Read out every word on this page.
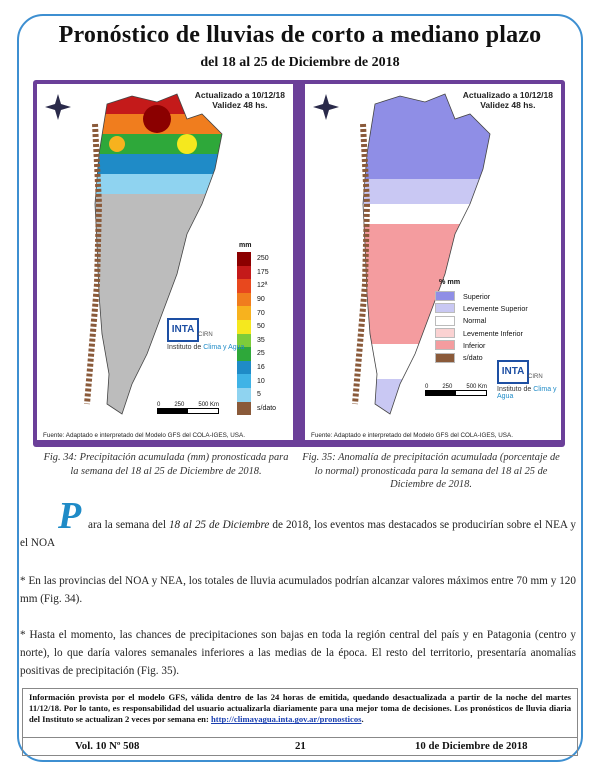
Pronóstico de lluvias de corto a mediano plazo
del 18 al 25 de Diciembre de 2018
Actualizado a 10/12/18
Validez 48 hs.
mm
250
175
12ª
90
70
50
35
25
16
10
5
s/dato
INTA CIRN
Instituto de Clima y Agua
0 250 500 Km
Fuente: Adaptado e interpretado del Modelo GFS del COLA-IGES, USA.
Actualizado a 10/12/18
Validez 48 hs.
% mm
Superior
Levemente Superior
Normal
Levemente Inferior
Inferior
s/dato
INTA CIRN
Instituto de Clima y Agua
0 250 500 Km
Fuente: Adaptado e interpretado del Modelo GFS del COLA-IGES, USA.
Fig. 34: Precipitación acumulada (mm) pronosticada para la semana del 18 al 25 de Diciembre de 2018.
Fig. 35: Anomalía de precipitación acumulada (porcentaje de lo normal) pronosticada para la semana del 18 al 25 de Diciembre de 2018.
P ara la semana del 18 al 25 de Diciembre de 2018, los eventos mas destacados se producirían sobre el NEA y el NOA
* En las provincias del NOA y NEA, los totales de lluvia acumulados podrían alcanzar valores máximos entre 70 mm y 120 mm (Fig. 34).
* Hasta el momento, las chances de precipitaciones son bajas en toda la región central del país y en Patagonia (centro y norte), lo que daría valores semanales inferiores a las medias de la época. El resto del territorio, presentaría anomalías positivas de precipitación (Fig. 35).
Información provista por el modelo GFS, válida dentro de las 24 horas de emitida, quedando desactualizada a partir de la noche del martes 11/12/18. Por lo tanto, es responsabilidad del usuario actualizarla diariamente para una mejor toma de decisiones. Los pronósticos de lluvia diaria del Instituto se actualizan 2 veces por semana en: http://climayagua.inta.gov.ar/pronosticos.
Vol. 10 Nº 508	21	10 de Diciembre de 2018
